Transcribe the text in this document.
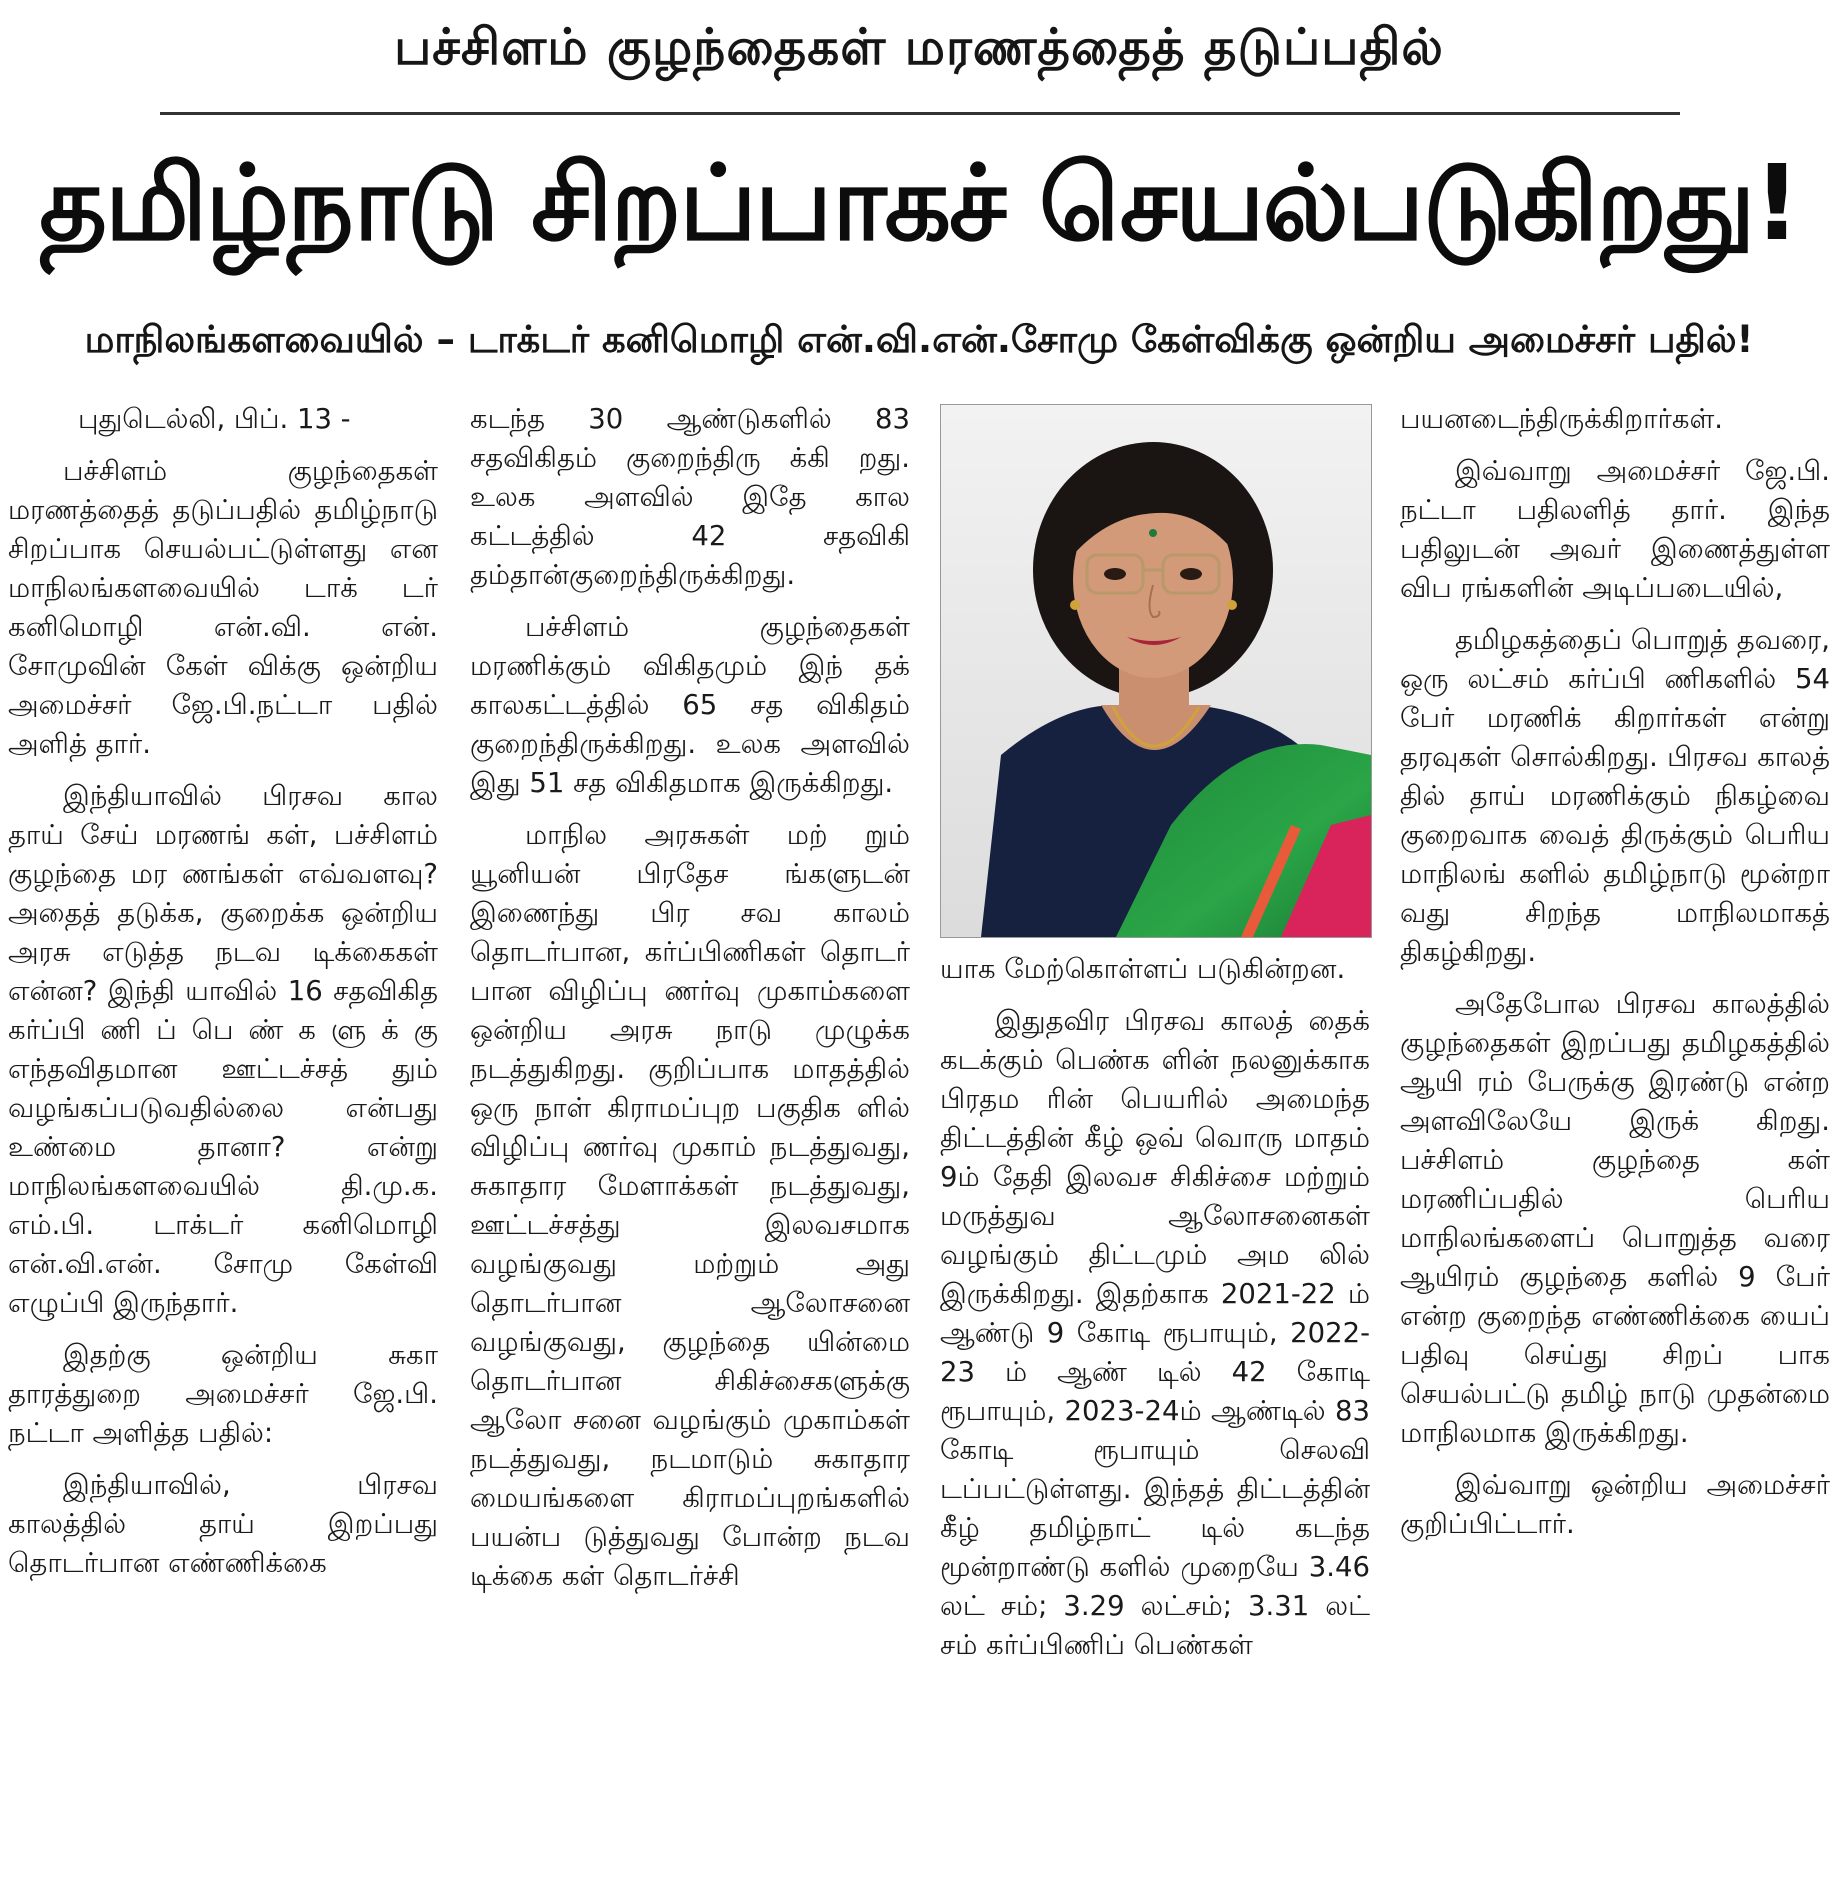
பச்சிளம் குழந்தைகள் மரணத்தைத் தடுப்பதில்
தமிழ்நாடு சிறப்பாகச் செயல்படுகிறது!
மாநிலங்களவையில் – டாக்டர் கனிமொழி என்.வி.என்.சோமு கேள்விக்கு ஒன்றிய அமைச்சர் பதில்!

புதுடெல்லி, பிப். 13 -

பச்சிளம் குழந்தைகள் மரணத்தைத் தடுப்பதில் தமிழ்நாடு சிறப்பாக செயல்பட்டுள்ளது என மாநிலங்களவையில் டாக் டர் கனிமொழி என்.வி. என். சோமுவின் கேள் விக்கு ஒன்றிய அமைச்சர் ஜே.பி.நட்டா பதில் அளித் தார்.

இந்தியாவில் பிரசவ கால தாய் சேய் மரணங் கள், பச்சிளம் குழந்தை மர ணங்கள் எவ்வளவு? அதைத் தடுக்க, குறைக்க ஒன்றிய அரசு எடுத்த நடவ டிக்கைகள் என்ன? இந்தி யாவில் 16 சதவிகித கர்ப்பி ணி ப் பெ ண் க ளு க் கு எந்தவிதமான ஊட்டச்சத் தும் வழங்கப்படுவதில்லை என்பது உண்மை தானா? என்று மாநிலங்களவையில் தி.மு.க. எம்.பி. டாக்டர் கனிமொழி என்.வி.என். சோமு கேள்வி எழுப்பி இருந்தார்.

இதற்கு ஒன்றிய சுகா தாரத்துறை அமைச்சர் ஜே.பி. நட்டா அளித்த பதில்:

இந்தியாவில், பிரசவ காலத்தில் தாய் இறப்பது தொடர்பான எண்ணிக்கை

கடந்த 30 ஆண்டுகளில் 83 சதவிகிதம் குறைந்திரு க்கி றது. உலக அளவில் இதே கால கட்டத்தில் 42 சதவிகி தம்தான்குறைந்திருக்கிறது.

பச்சிளம் குழந்தைகள் மரணிக்கும் விகிதமும் இந் தக் காலகட்டத்தில் 65 சத விகிதம் குறைந்திருக்கிறது. உலக அளவில் இது 51 சத விகிதமாக இருக்கிறது.

மாநில அரசுகள் மற் றும் யூனியன் பிரதேச ங்களுடன் இணைந்து பிர சவ காலம் தொடர்பான, கர்ப்பிணிகள் தொடர் பான விழிப்பு ணர்வு முகாம்களை ஒன்றிய அரசு நாடு முழுக்க நடத்துகிறது. குறிப்பாக மாதத்தில் ஒரு நாள் கிராமப்புற பகுதிக ளில் விழிப்பு ணர்வு முகாம் நடத்துவது, சுகாதார மேளாக்கள் நடத்துவது, ஊட்டச்சத்து இலவசமாக வழங்குவது மற்றும் அது தொடர்பான ஆலோசனை வழங்குவது, குழந்தை யின்மை தொடர்பான சிகிச்சைகளுக்கு ஆலோ சனை வழங்கும் முகாம்கள் நடத்துவது, நடமாடும் சுகாதார மையங்களை கிராமப்புறங்களில் பயன்ப டுத்துவது போன்ற நடவ டிக்கை கள் தொடர்ச்சி

யாக மேற்கொள்ளப் படுகின்றன.

இதுதவிர பிரசவ காலத் தைக் கடக்கும் பெண்க ளின் நலனுக்காக பிரதம ரின் பெயரில் அமைந்த திட்டத்தின் கீழ் ஒவ் வொரு மாதம் 9ம் தேதி இலவச சிகிச்சை மற்றும் மருத்துவ ஆலோசனைகள் வழங்கும் திட்டமும் அம லில் இருக்கிறது. இதற்காக 2021-22 ம் ஆண்டு 9 கோடி ரூபாயும், 2022-23 ம் ஆண் டில் 42 கோடி ரூபாயும், 2023-24ம் ஆண்டில் 83 கோடி ரூபாயும் செலவி டப்பட்டுள்ளது. இந்தத் திட்டத்தின் கீழ் தமிழ்நாட் டில் கடந்த மூன்றாண்டு களில் முறையே 3.46 லட் சம்; 3.29 லட்சம்; 3.31 லட் சம் கர்ப்பிணிப் பெண்கள்

பயனடைந்திருக்கிறார்கள்.

இவ்வாறு அமைச்சர் ஜே.பி. நட்டா பதிலளித் தார். இந்த பதிலுடன் அவர் இணைத்துள்ள விப ரங்களின் அடிப்படையில்,

தமிழகத்தைப் பொறுத் தவரை, ஒரு லட்சம் கர்ப்பி ணிகளில் 54 பேர் மரணிக் கிறார்கள் என்று தரவுகள் சொல்கிறது. பிரசவ காலத் தில் தாய் மரணிக்கும் நிகழ்வை குறைவாக வைத் திருக்கும் பெரிய மாநிலங் களில் தமிழ்நாடு மூன்றா வது சிறந்த மாநிலமாகத் திகழ்கிறது.

அதேபோல பிரசவ காலத்தில் குழந்தைகள் இறப்பது தமிழகத்தில் ஆயி ரம் பேருக்கு இரண்டு என்ற அளவிலேயே இருக் கிறது. பச்சிளம் குழந்தை கள் மரணிப்பதில் பெரிய மாநிலங்களைப் பொறுத்த வரை ஆயிரம் குழந்தை களில் 9 பேர் என்ற குறைந்த எண்ணிக்கை யைப் பதிவு செய்து சிறப் பாக செயல்பட்டு தமிழ் நாடு முதன்மை மாநிலமாக இருக்கிறது.

இவ்வாறு ஒன்றிய அமைச்சர் குறிப்பிட்டார்.
